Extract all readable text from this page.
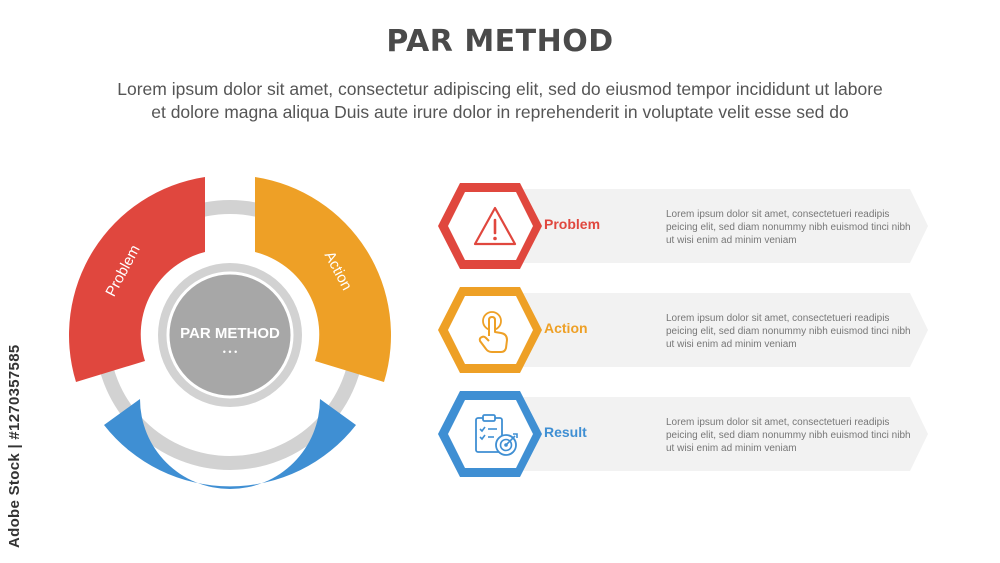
PAR METHOD
Lorem ipsum dolor sit amet, consectetur adipiscing elit, sed do eiusmod tempor incididunt ut labore
et dolore magna aliqua Duis aute irure dolor in reprehenderit in voluptate velit esse sed do
Problem	Action
Result
PAR METHOD
• • •
Problem
Lorem ipsum dolor sit amet, consectetueri readipis peicing elit, sed diam nonummy nibh euismod tinci nibh ut wisi enim ad minim veniam
Action
Lorem ipsum dolor sit amet, consectetueri readipis peicing elit, sed diam nonummy nibh euismod tinci nibh ut wisi enim ad minim veniam
Result
Lorem ipsum dolor sit amet, consectetueri readipis peicing elit, sed diam nonummy nibh euismod tinci nibh ut wisi enim ad minim veniam
Adobe Stock | #1270357585
